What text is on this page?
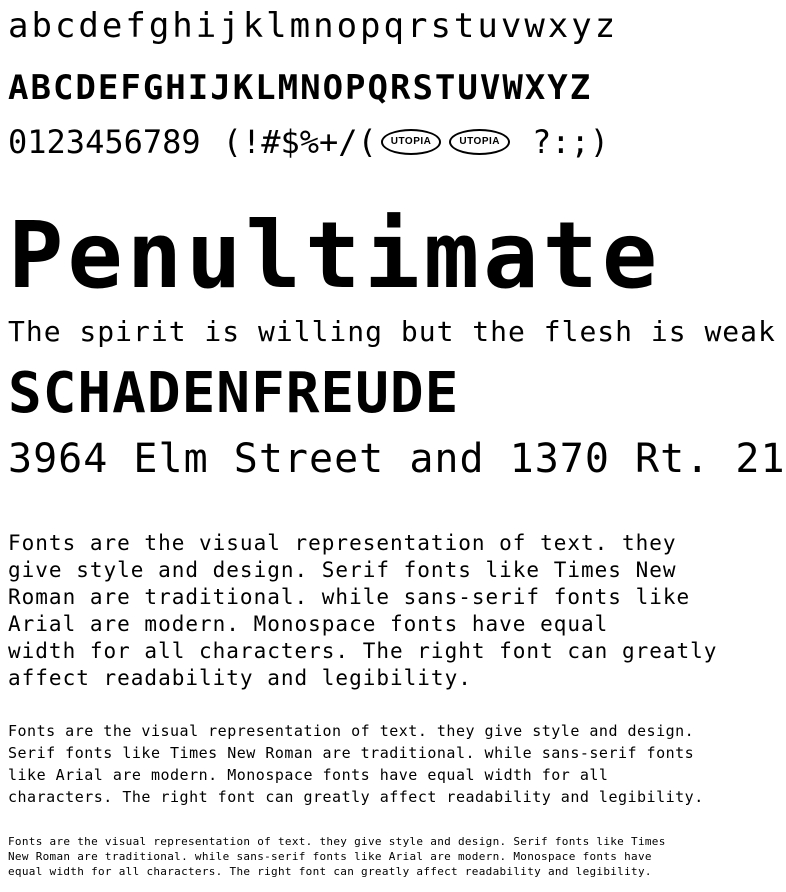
abcdefghijklmnopqrstuvwxyz
ABCDEFGHIJKLMNOPQRSTUVWXYZ
0123456789 (!#$%+/(	UTOPIA	UTOPIA	?:;)
Penultimate
The spirit is willing but the flesh is weak
SCHADENFREUDE
3964 Elm Street and 1370 Rt. 21
Fonts are the visual representation of text. they
give style and design. Serif fonts like Times New
Roman are traditional. while sans-serif fonts like
Arial are modern. Monospace fonts have equal
width for all characters. The right font can greatly
affect readability and legibility.
Fonts are the visual representation of text. they give style and design.
Serif fonts like Times New Roman are traditional. while sans-serif fonts
like Arial are modern. Monospace fonts have equal width for all
characters. The right font can greatly affect readability and legibility.
Fonts are the visual representation of text. they give style and design. Serif fonts like Times
New Roman are traditional. while sans-serif fonts like Arial are modern. Monospace fonts have
equal width for all characters. The right font can greatly affect readability and legibility.
